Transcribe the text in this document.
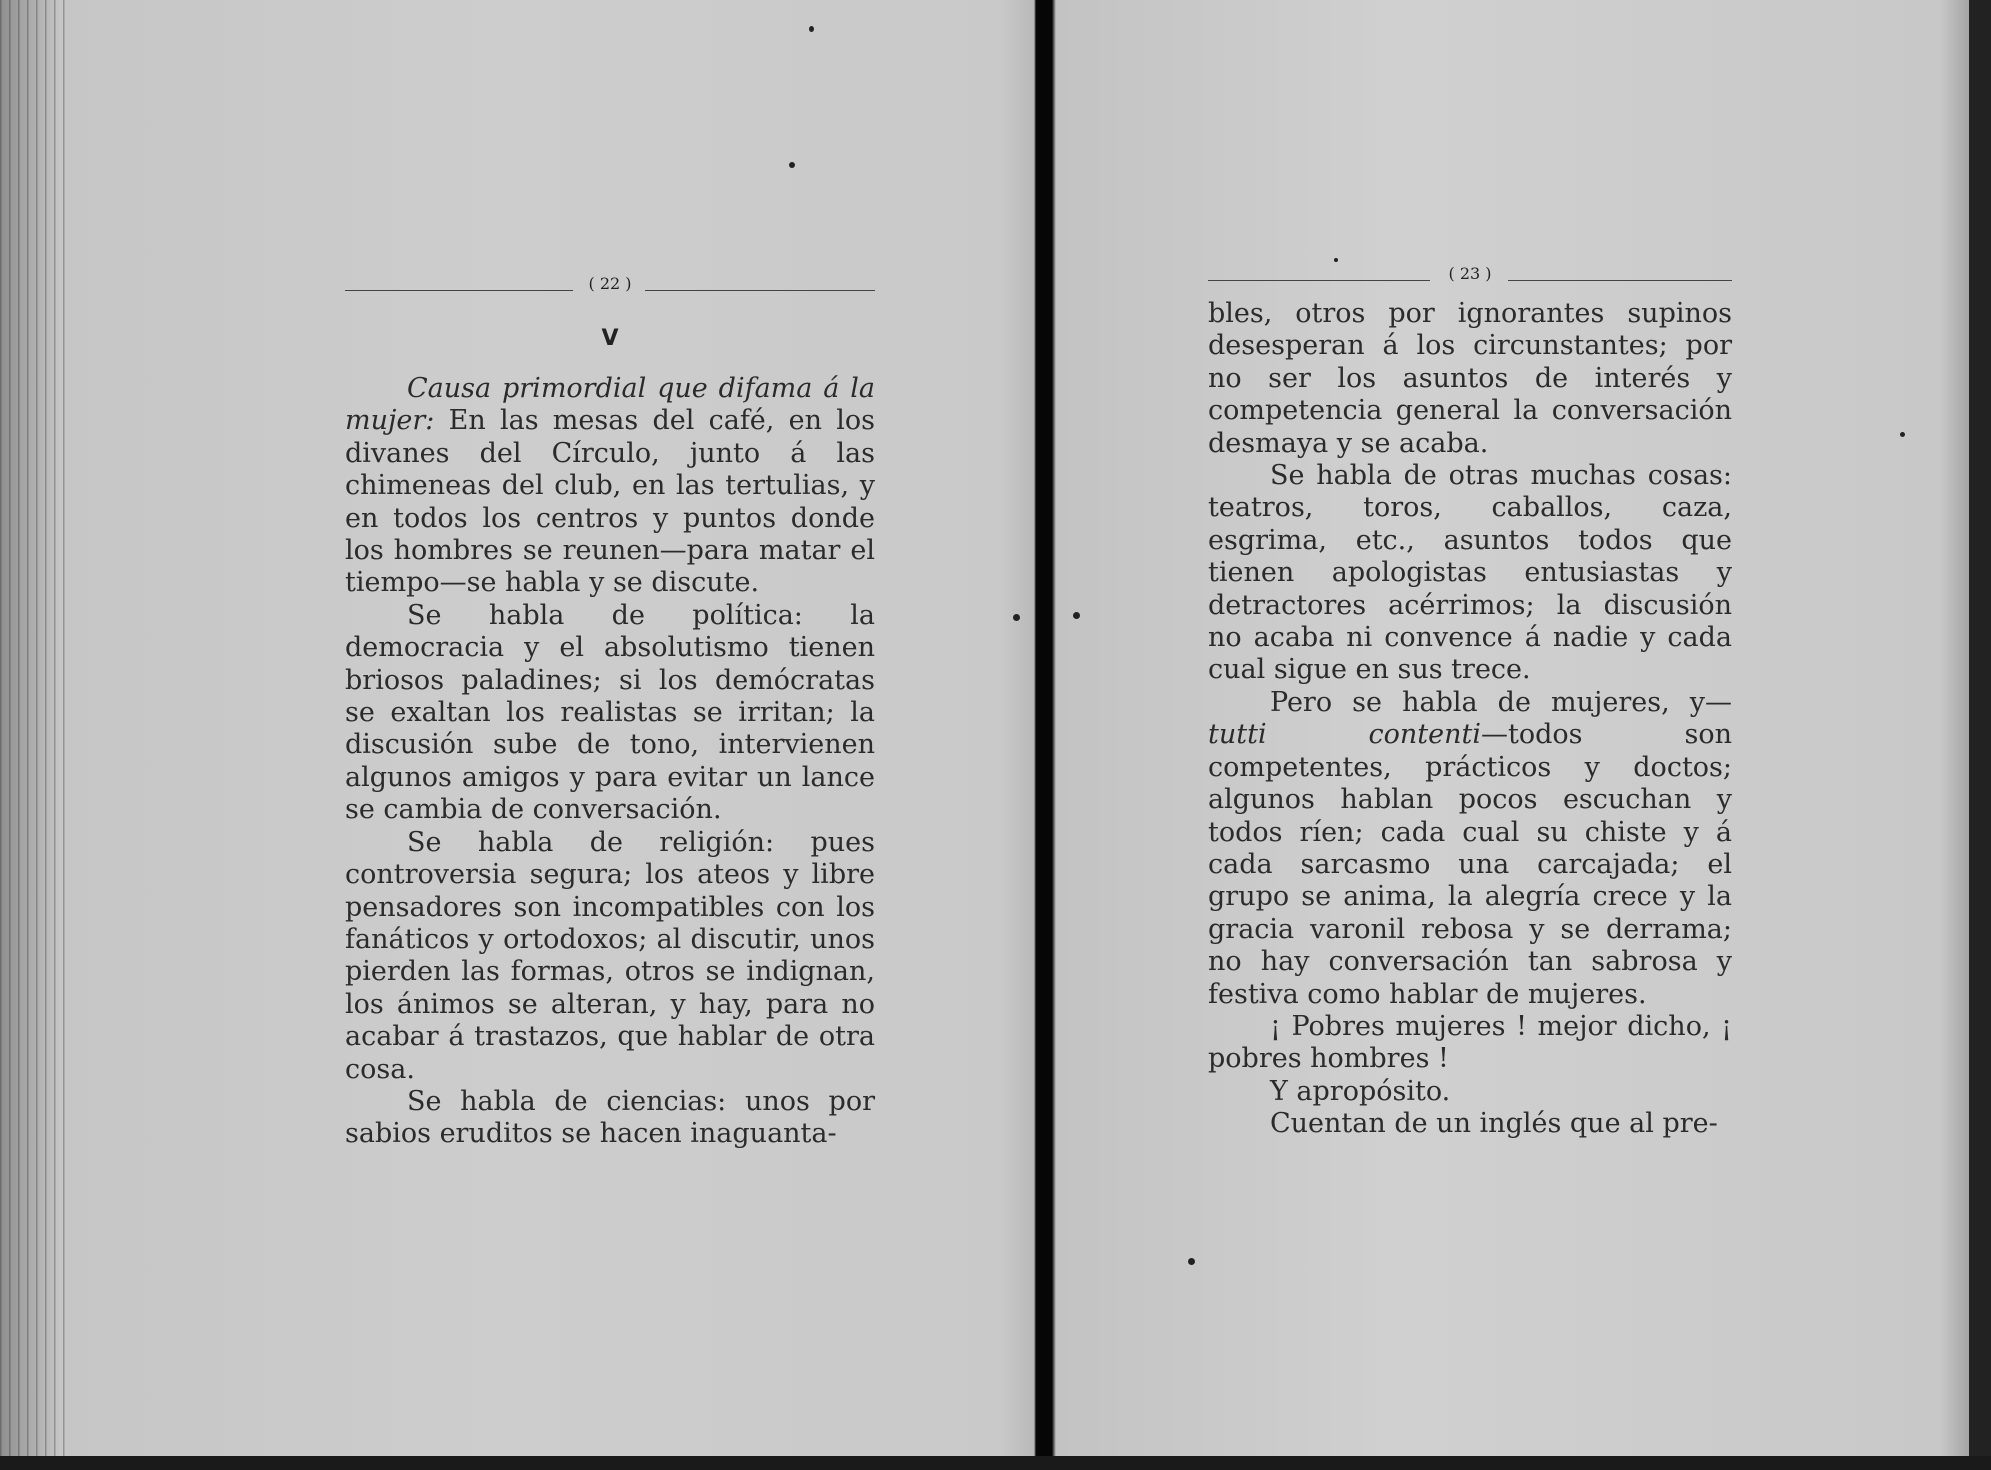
( 22 )
V

Causa primordial que difama á la mujer: En las mesas del café, en los divanes del Círculo, junto á las chimeneas del club, en las tertulias, y en todos los centros y puntos donde los hombres se reunen—para matar el tiempo—se habla y se discute.

Se habla de política: la democracia y el absolutismo tienen briosos paladines; si los demócratas se exaltan los realistas se irritan; la discusión sube de tono, intervienen algunos amigos y para evitar un lance se cambia de conversación.

Se habla de religión: pues controversia segura; los ateos y libre pensadores son incompatibles con los fanáticos y ortodoxos; al discutir, unos pierden las formas, otros se indignan, los ánimos se alteran, y hay, para no acabar á trastazos, que hablar de otra cosa.

Se habla de ciencias: unos por sabios eruditos se hacen inaguanta-

( 23 )

bles, otros por ignorantes supinos desesperan á los circunstantes; por no ser los asuntos de interés y competencia general la conversación desmaya y se acaba.

Se habla de otras muchas cosas: teatros, toros, caballos, caza, esgrima, etc., asuntos todos que tienen apologistas entusiastas y detractores acérrimos; la discusión no acaba ni convence á nadie y cada cual sigue en sus trece.

Pero se habla de mujeres, y—tutti contenti—todos son competentes, prácticos y doctos; algunos hablan pocos escuchan y todos ríen; cada cual su chiste y á cada sarcasmo una carcajada; el grupo se anima, la alegría crece y la gracia varonil rebosa y se derrama; no hay conversación tan sabrosa y festiva como hablar de mujeres.

¡ Pobres mujeres ! mejor dicho, ¡ pobres hombres !

Y apropósito.

Cuentan de un inglés que al pre-
